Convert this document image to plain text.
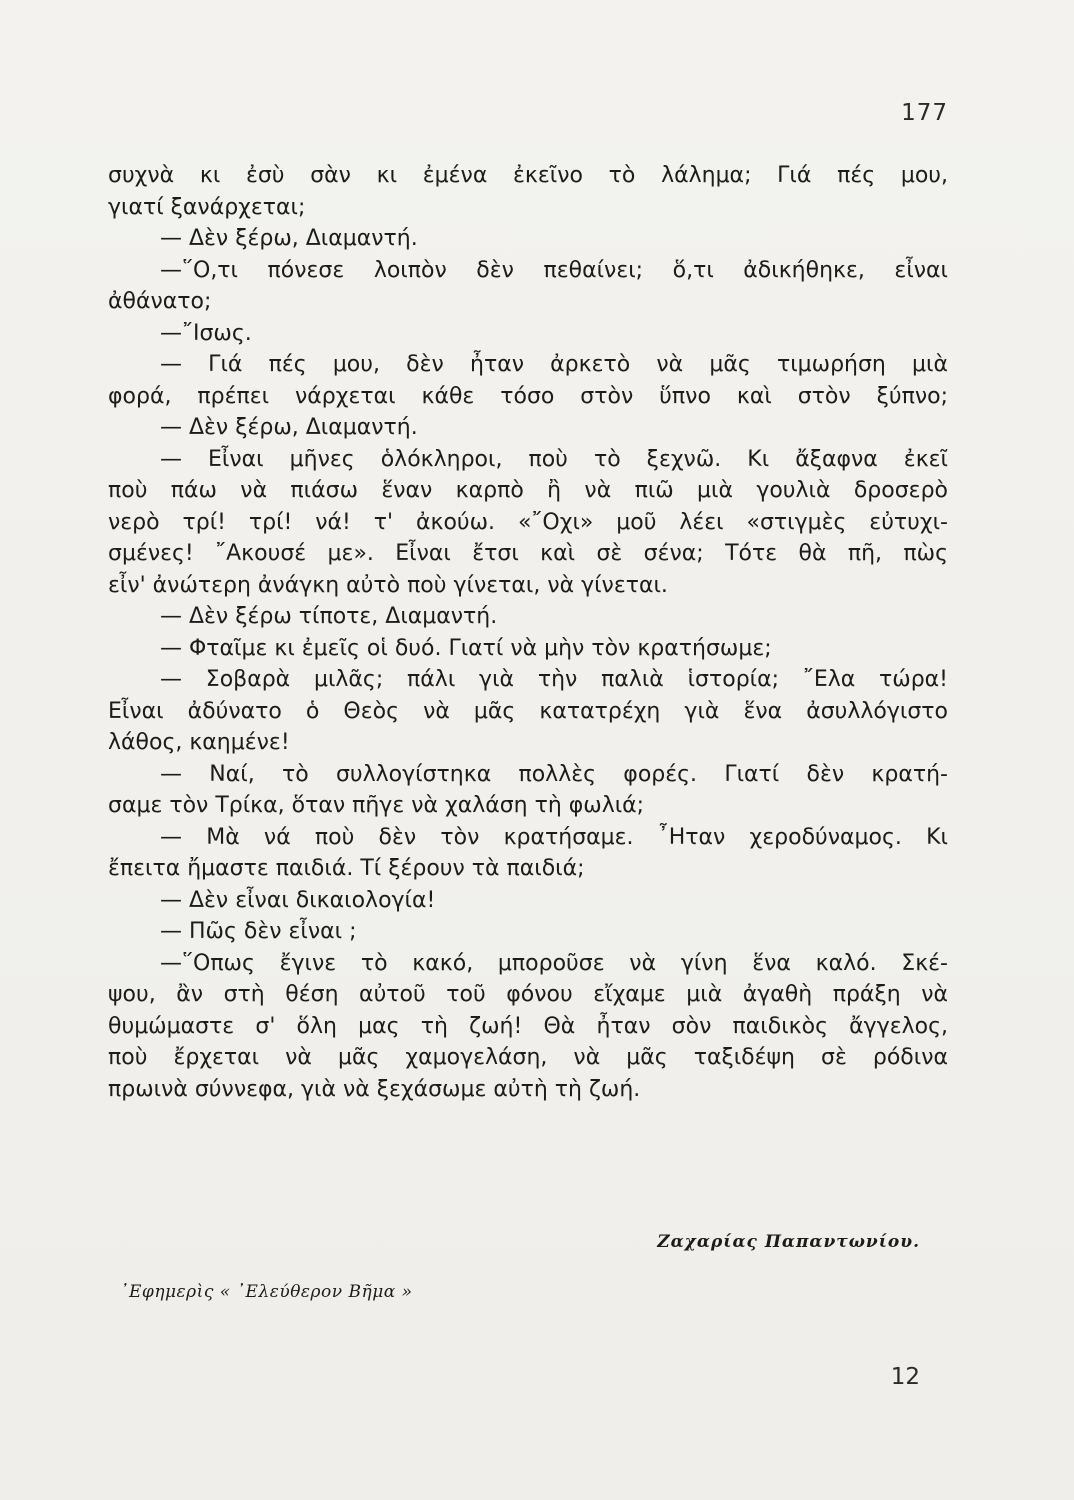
177
συχνὰ κι ἐσὺ σὰν κι ἐμένα ἐκεῖνο τὸ λάλημα; Γιά πές μου,
γιατί ξανάρχεται;
— Δὲν ξέρω, Διαμαντή.
—῞Ο,τι πόνεσε λοιπὸν δὲν πεθαίνει; ὅ,τι ἀδικήθηκε, εἶναι
ἀθάνατο;
—῎Ισως.
— Γιά πές μου, δὲν ἦταν ἀρκετὸ νὰ μᾶς τιμωρήση μιὰ
φορά, πρέπει νάρχεται κάθε τόσο στὸν ὕπνο καὶ στὸν ξύπνο;
— Δὲν ξέρω, Διαμαντή.
— Εἶναι μῆνες ὁλόκληροι, ποὺ τὸ ξεχνῶ. Κι ἄξαφνα ἐκεῖ
ποὺ πάω νὰ πιάσω ἕναν καρπὸ ἢ νὰ πιῶ μιὰ γουλιὰ δροσερὸ
νερὸ τρί! τρί! νά! τ' ἀκούω. «῎Οχι» μοῦ λέει «στιγμὲς εὐτυχι-
σμένες! ῎Ακουσέ με». Εἶναι ἔτσι καὶ σὲ σένα; Τότε θὰ πῆ, πὼς
εἶν' ἀνώτερη ἀνάγκη αὐτὸ ποὺ γίνεται, νὰ γίνεται.
— Δὲν ξέρω τίποτε, Διαμαντή.
— Φταῖμε κι ἐμεῖς οἱ δυό. Γιατί νὰ μὴν τὸν κρατήσωμε;
— Σοβαρὰ μιλᾶς; πάλι γιὰ τὴν παλιὰ ἱστορία; ῎Ελα τώρα!
Εἶναι ἀδύνατο ὁ Θεὸς νὰ μᾶς κατατρέχη γιὰ ἕνα ἀσυλλόγιστο
λάθος, καημένε!
— Ναί, τὸ συλλογίστηκα πολλὲς φορές. Γιατί δὲν κρατή-
σαμε τὸν Τρίκα, ὅταν πῆγε νὰ χαλάση τὴ φωλιά;
— Μὰ νά ποὺ δὲν τὸν κρατήσαμε. ῏Ηταν χεροδύναμος. Κι
ἔπειτα ἤμαστε παιδιά. Τί ξέρουν τὰ παιδιά;
— Δὲν εἶναι δικαιολογία!
— Πῶς δὲν εἶναι ;
—῞Οπως ἔγινε τὸ κακό, μποροῦσε νὰ γίνη ἕνα καλό. Σκέ-
ψου, ἂν στὴ θέση αὐτοῦ τοῦ φόνου εἴχαμε μιὰ ἀγαθὴ πράξη νὰ
θυμώμαστε σ' ὅλη μας τὴ ζωή! Θὰ ἦταν σὸν παιδικὸς ἄγγελος,
ποὺ ἔρχεται νὰ μᾶς χαμογελάση, νὰ μᾶς ταξιδέψη σὲ ρόδινα
πρωινὰ σύννεφα, γιὰ νὰ ξεχάσωμε αὐτὴ τὴ ζωή.
Ζαχαρίας Παπαντωνίου.
᾿Εφημερὶς « ᾿Ελεύθερον Βῆμα »
12
